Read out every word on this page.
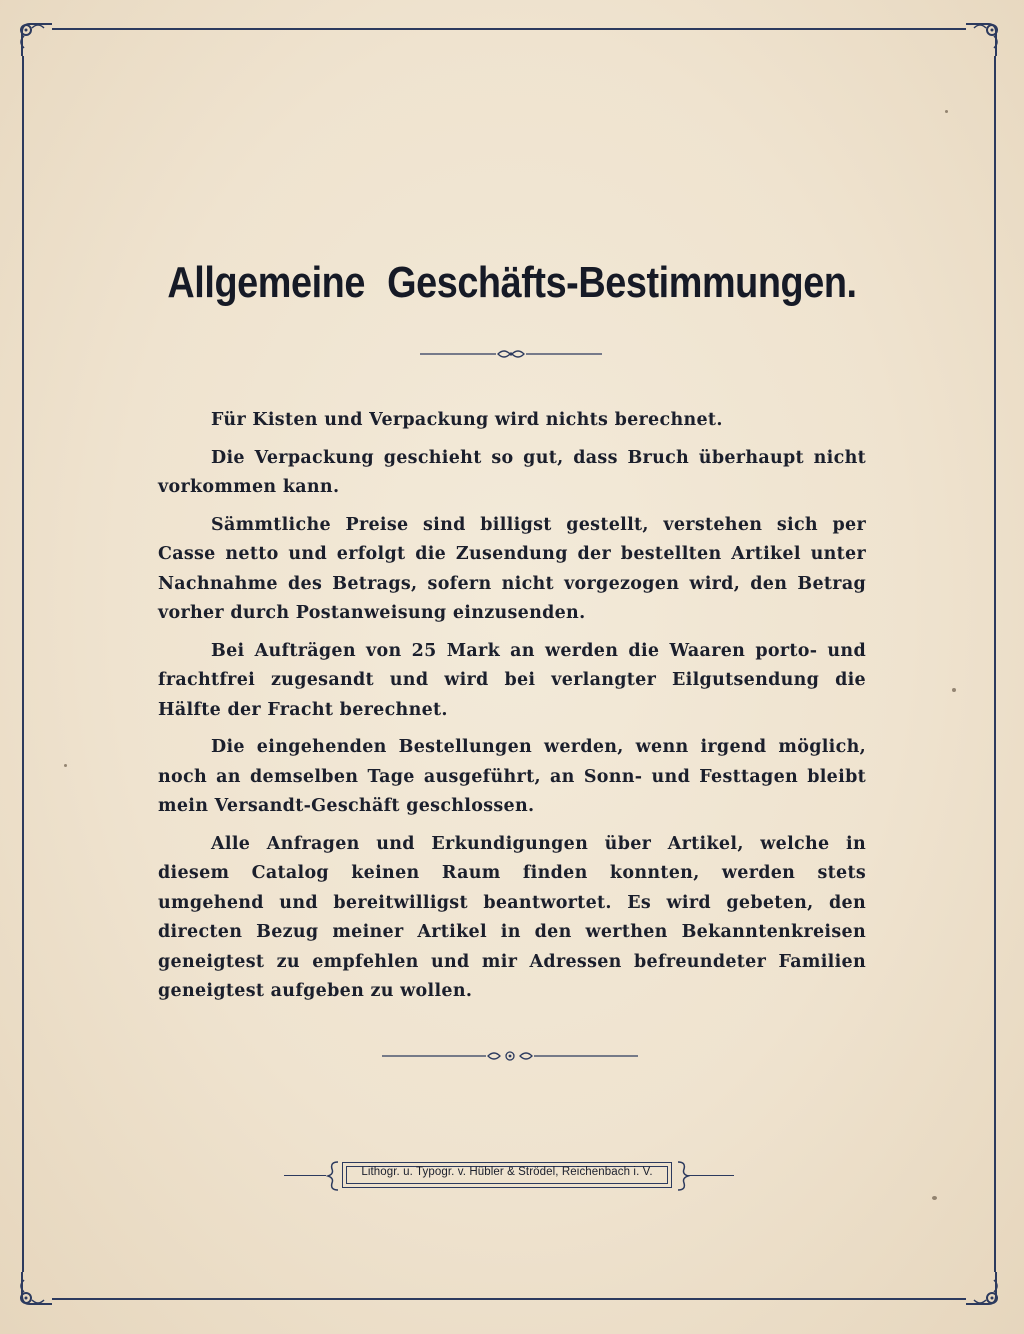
Allgemeine Geschäfts-Bestimmungen.

Für Kisten und Verpackung wird nichts berechnet.

Die Verpackung geschieht so gut, dass Bruch überhaupt nicht vorkommen kann.

Sämmtliche Preise sind billigst gestellt, verstehen sich per Casse netto und erfolgt die Zusendung der bestellten Artikel unter Nachnahme des Betrags, sofern nicht vorgezogen wird, den Betrag vorher durch Postanweisung einzusenden.

Bei Aufträgen von 25 Mark an werden die Waaren porto- und frachtfrei zugesandt und wird bei verlangter Eilgutsendung die Hälfte der Fracht berechnet.

Die eingehenden Bestellungen werden, wenn irgend möglich, noch an demselben Tage ausgeführt, an Sonn- und Festtagen bleibt mein Versandt-Geschäft geschlossen.

Alle Anfragen und Erkundigungen über Artikel, welche in diesem Catalog keinen Raum finden konnten, werden stets umgehend und bereitwilligst beantwortet. Es wird gebeten, den directen Bezug meiner Artikel in den werthen Bekanntenkreisen geneigtest zu empfehlen und mir Adressen befreundeter Familien geneigtest aufgeben zu wollen.

Lithogr. u. Typogr. v. Hübler & Strödel, Reichenbach i. V.
